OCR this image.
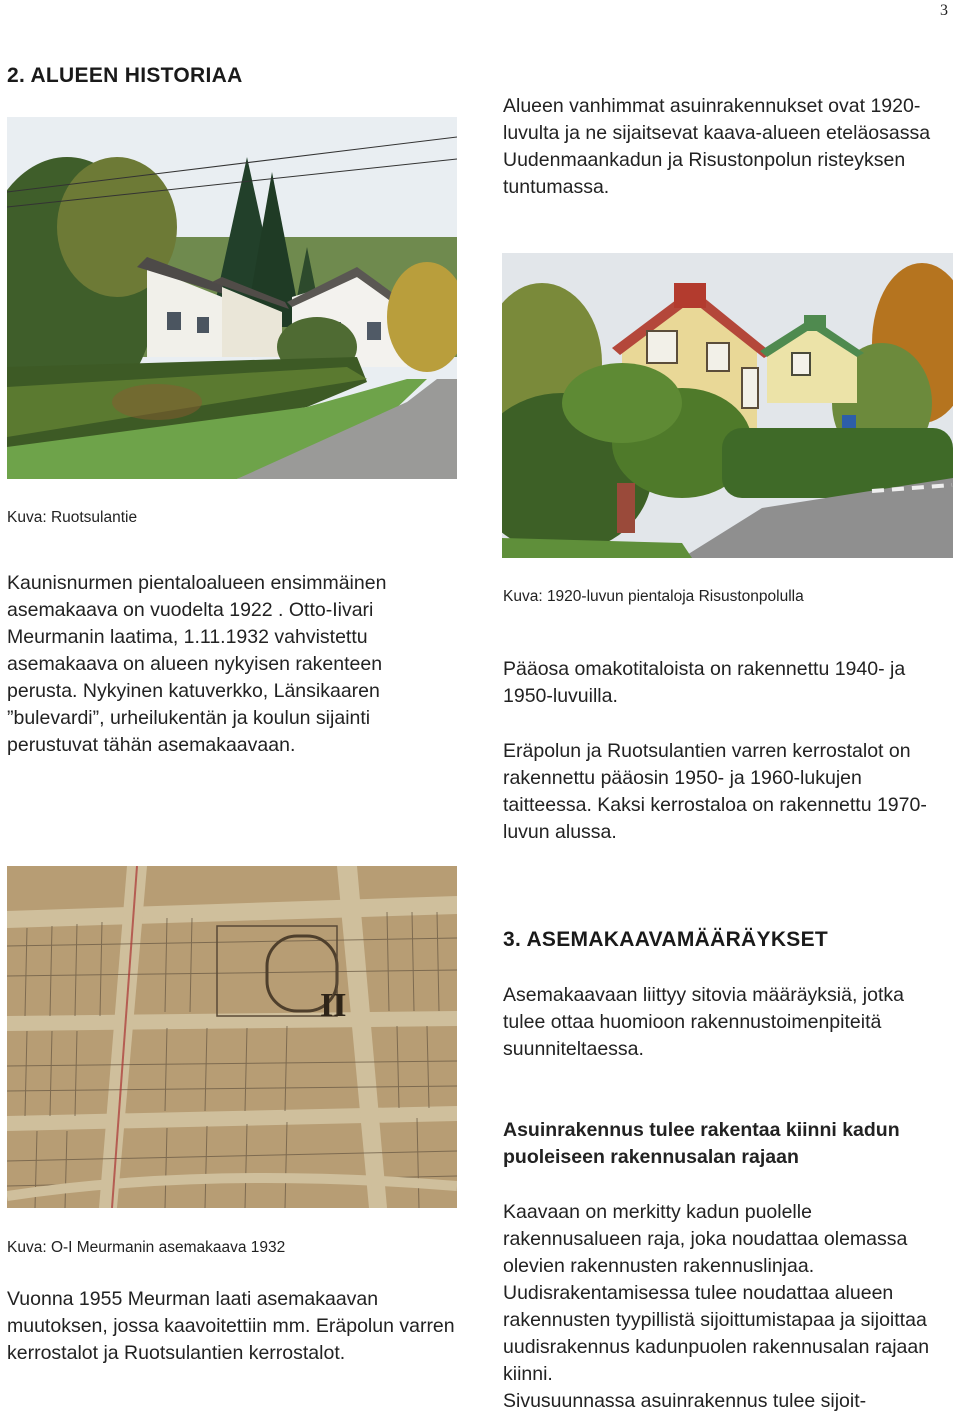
3
2. ALUEEN HISTORIAA
Alueen vanhimmat asuinrakennukset ovat 1920-luvulta ja ne sijaitsevat kaava-alueen eteläosassa Uudenmaankadun ja Risustonpolun risteyksen tuntumassa.
Kuva: Ruotsulantie
Kuva: 1920-luvun pientaloja Risustonpolulla
Kaunisnurmen pientaloalueen ensimmäinen asemakaava on vuodelta 1922 . Otto-Iivari Meurmanin laatima, 1.11.1932 vahvistettu asemakaava on alueen nykyisen rakenteen perusta. Nykyinen katuverkko, Länsikaaren ”bulevardi”, urheilukentän ja koulun sijainti perustuvat tähän asemakaavaan.
Pääosa omakotitaloista on rakennettu 1940- ja 1950-luvuilla.
Eräpolun ja Ruotsulantien varren kerrostalot on rakennettu pääosin 1950- ja 1960-lukujen taitteessa. Kaksi kerrostaloa on rakennettu 1970-luvun alussa.
II
Kuva: O-I Meurmanin asemakaava 1932
Vuonna 1955 Meurman laati asemakaavan muutoksen, jossa kaavoitettiin mm. Eräpolun varren kerrostalot ja Ruotsulantien kerrostalot.
3. ASEMAKAAVAMÄÄRÄYKSET
Asemakaavaan liittyy sitovia määräyksiä, jotka tulee ottaa huomioon rakennustoimenpiteitä suunniteltaessa.
Asuinrakennus tulee rakentaa kiinni kadun puoleiseen rakennusalan rajaan
Kaavaan on merkitty kadun puolelle rakennusalueen raja, joka noudattaa olemassa olevien rakennusten rakennuslinjaa. Uudisrakentamisessa tulee noudattaa alueen rakennusten tyypillistä sijoittumistapaa ja sijoittaa uudisrakennus kadunpuolen rakennusalan rajaan kiinni.
Sivusuunnassa asuinrakennus tulee sijoit-
